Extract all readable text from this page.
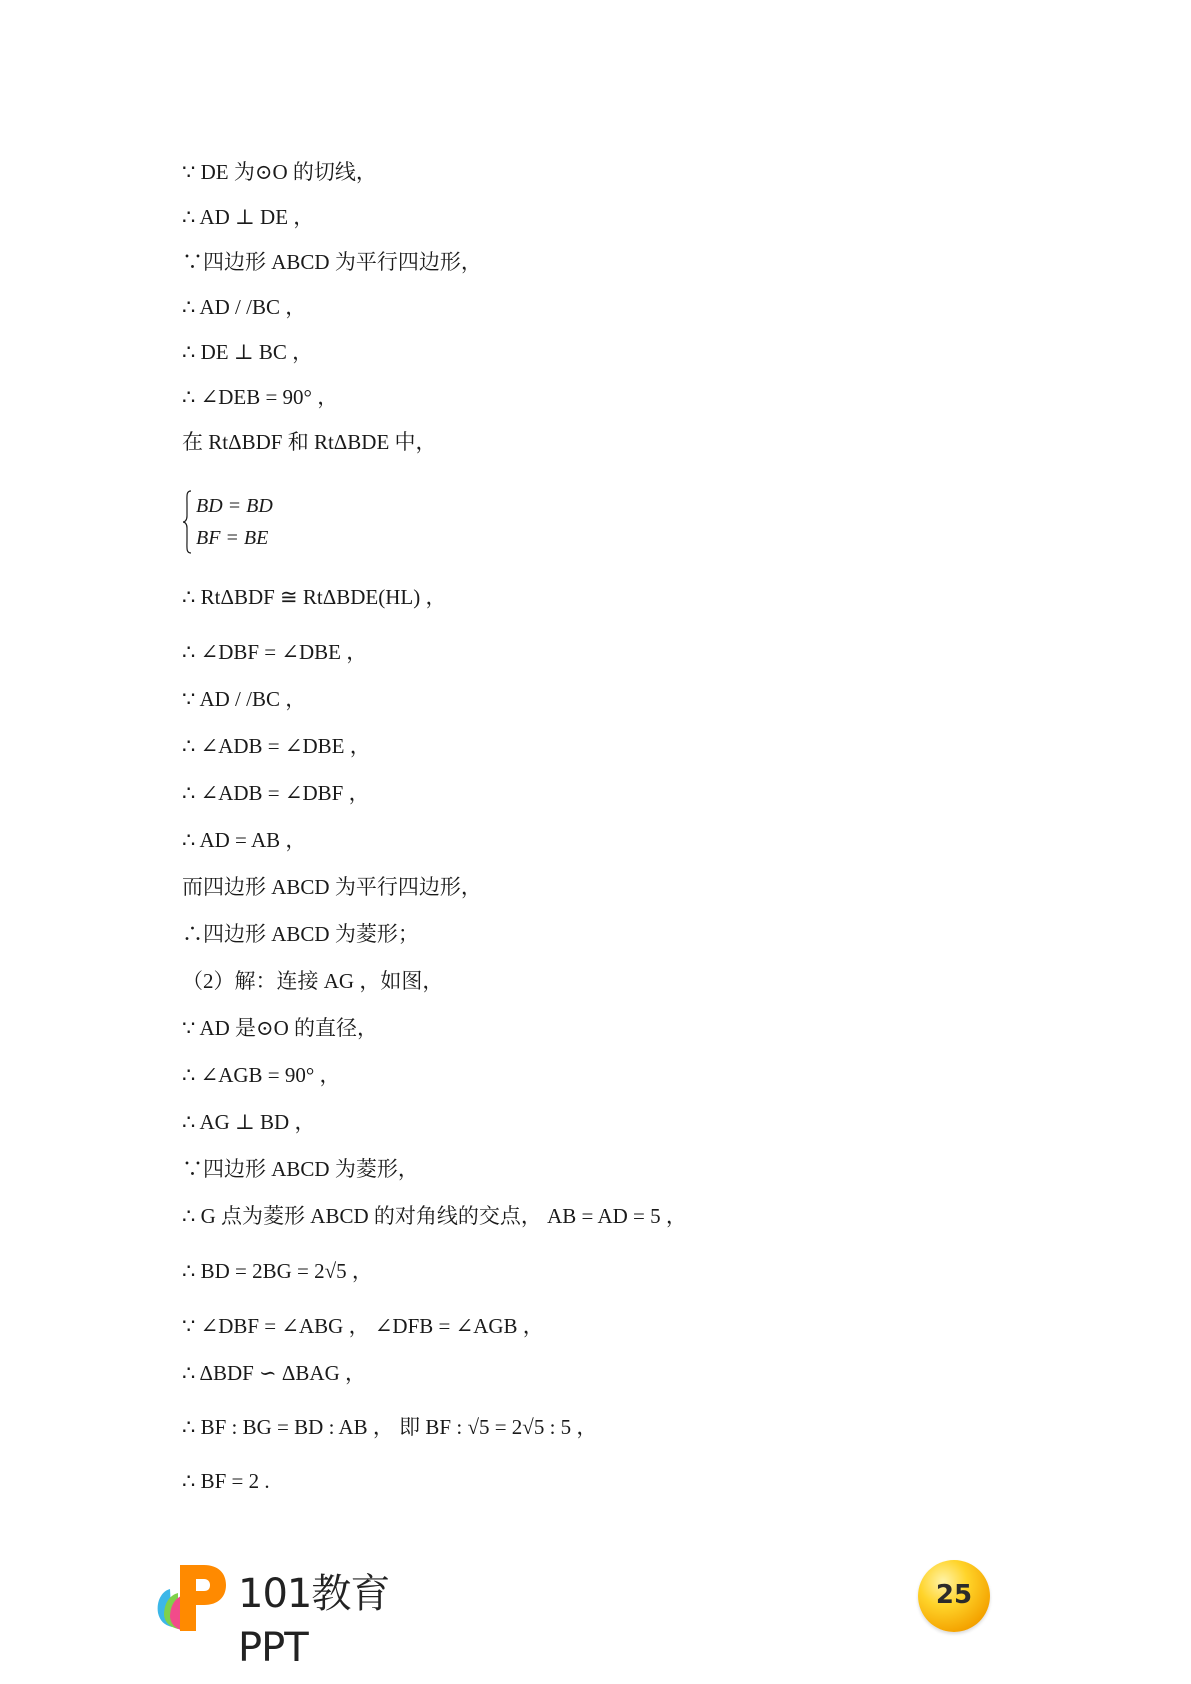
∵ DE 为⊙O 的切线，
∴ AD ⊥ DE ，
∵四边形 ABCD 为平行四边形，
∴ AD / /BC ，
∴ DE ⊥ BC ，
∴ ∠DEB = 90° ，
在 RtΔBDF 和 RtΔBDE 中，
BD = BD
BF = BE
∴ RtΔBDF ≅ RtΔBDE(HL) ，
∴ ∠DBF = ∠DBE ，
∵ AD / /BC ，
∴ ∠ADB = ∠DBE ，
∴ ∠ADB = ∠DBF ，
∴ AD = AB ，
而四边形 ABCD 为平行四边形，
∴四边形 ABCD 为菱形；
（2）解：连接 AG ，如图，
∵ AD 是⊙O 的直径，
∴ ∠AGB = 90° ，
∴ AG ⊥ BD ，
∵四边形 ABCD 为菱形，
∴ G 点为菱形 ABCD 的对角线的交点， AB = AD = 5 ，
∴ BD = 2BG = 2√5 ，
∵ ∠DBF = ∠ABG ， ∠DFB = ∠AGB ，
∴ ΔBDF ∽ ΔBAG ，
∴ BF : BG = BD : AB ， 即 BF : √5 = 2√5 : 5 ，
∴ BF = 2 .
101教育PPT
25
